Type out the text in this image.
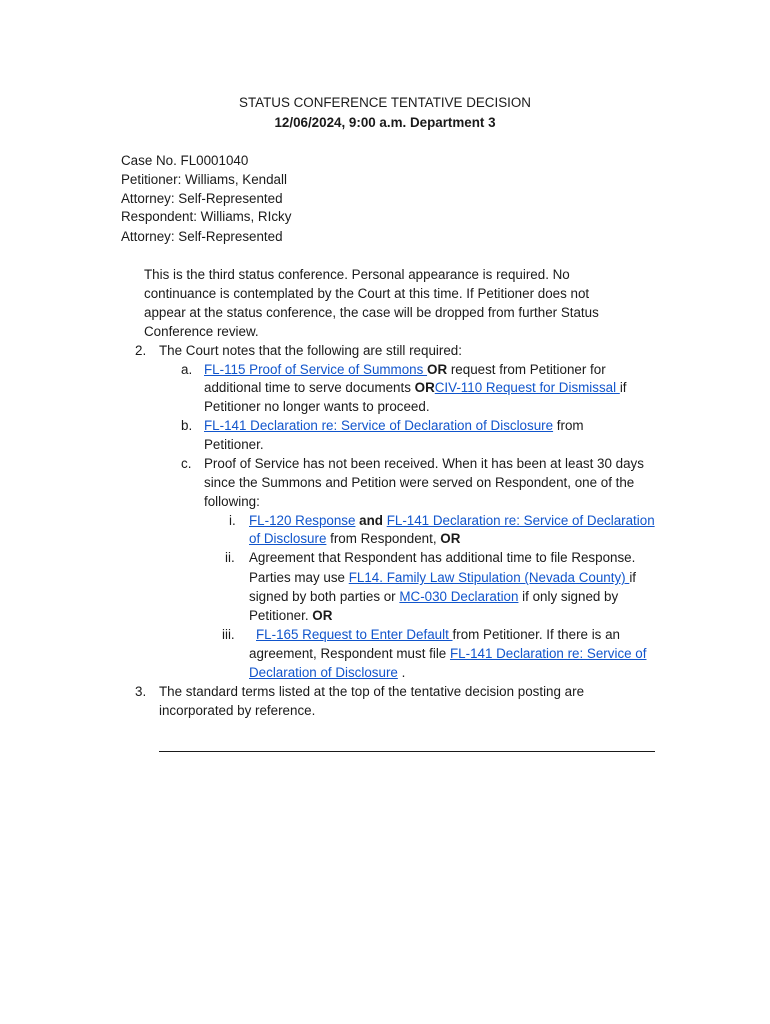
STATUS CONFERENCE TENTATIVE DECISION
12/06/2024, 9:00 a.m. Department 3
Case No. FL0001040
Petitioner: Williams, Kendall
Attorney: Self-Represented
Respondent: Williams, RIcky
Attorney: Self-Represented
This is the third status conference. Personal appearance is required. No
continuance is contemplated by the Court at this time. If Petitioner does not
appear at the status conference, the case will be dropped from further Status
Conference review.
2. The Court notes that the following are still required:
a. FL-115 Proof of Service of Summons OR request from Petitioner for
additional time to serve documents ORCIV-110 Request for Dismissal if
Petitioner no longer wants to proceed.
b. FL-141 Declaration re: Service of Declaration of Disclosure from
Petitioner.
c. Proof of Service has not been received. When it has been at least 30 days
since the Summons and Petition were served on Respondent, one of the
following:
i. FL-120 Response and FL-141 Declaration re: Service of Declaration
of Disclosure from Respondent, OR
ii. Agreement that Respondent has additional time to file Response.
Parties may use FL14. Family Law Stipulation (Nevada County) if
signed by both parties or MC-030 Declaration if only signed by
Petitioner. OR
iii. FL-165 Request to Enter Default from Petitioner. If there is an
agreement, Respondent must file FL-141 Declaration re: Service of
Declaration of Disclosure .
3. The standard terms listed at the top of the tentative decision posting are
incorporated by reference.
